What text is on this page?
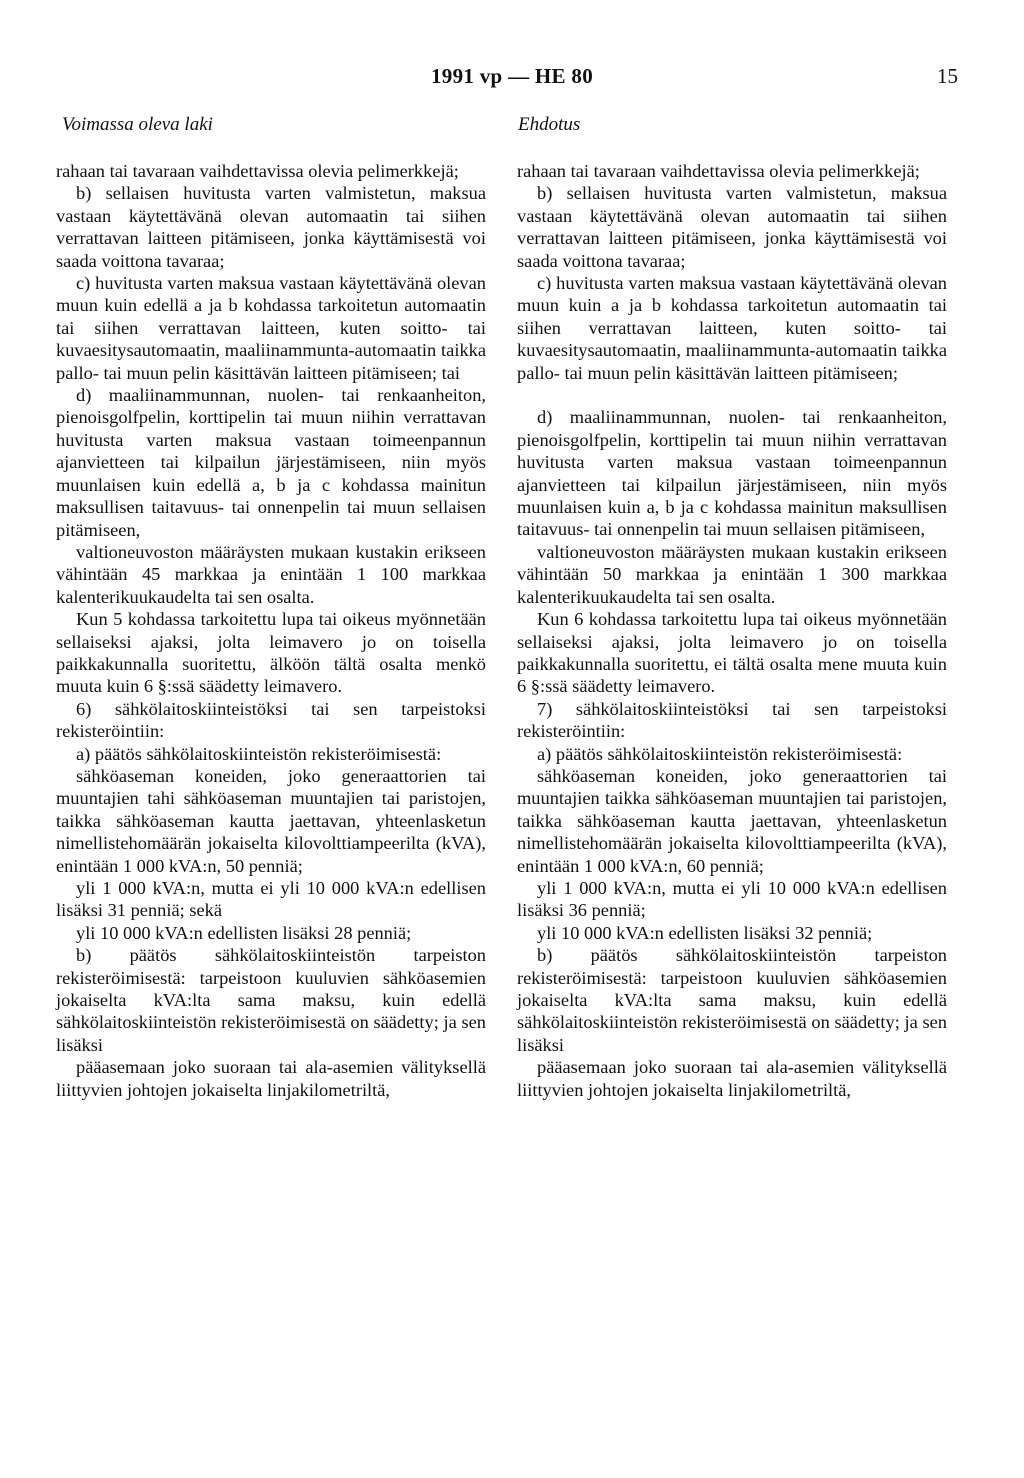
1991 vp — HE 80	15
Voimassa oleva laki	Ehdotus

rahaan tai tavaraan vaihdettavissa olevia pelimerkkejä;

b) sellaisen huvitusta varten valmistetun, maksua vastaan käytettävänä olevan automaatin tai siihen verrattavan laitteen pitämiseen, jonka käyttämisestä voi saada voittona tavaraa;

c) huvitusta varten maksua vastaan käytettävänä olevan muun kuin edellä a ja b kohdassa tarkoitetun automaatin tai siihen verrattavan laitteen, kuten soitto- tai kuvaesitysautomaatin, maaliinammunta-automaatin taikka pallo- tai muun pelin käsittävän laitteen pitämiseen; tai

d) maaliinammunnan, nuolen- tai renkaanheiton, pienoisgolfpelin, korttipelin tai muun niihin verrattavan huvitusta varten maksua vastaan toimeenpannun ajanvietteen tai kilpailun järjestämiseen, niin myös muunlaisen kuin edellä a, b ja c kohdassa mainitun maksullisen taitavuus- tai onnenpelin tai muun sellaisen pitämiseen,

valtioneuvoston määräysten mukaan kustakin erikseen vähintään 45 markkaa ja enintään 1 100 markkaa kalenterikuukaudelta tai sen osalta.

Kun 5 kohdassa tarkoitettu lupa tai oikeus myönnetään sellaiseksi ajaksi, jolta leimavero jo on toisella paikkakunnalla suoritettu, älköön tältä osalta menkö muuta kuin 6 §:ssä säädetty leimavero.

6) sähkölaitoskiinteistöksi tai sen tarpeistoksi rekisteröintiin:

a) päätös sähkölaitoskiinteistön rekisteröimisestä:

sähköaseman koneiden, joko generaattorien tai muuntajien tahi sähköaseman muuntajien tai paristojen, taikka sähköaseman kautta jaettavan, yhteenlasketun nimellistehomäärän jokaiselta kilovolttiampeerilta (kVA), enintään 1 000 kVA:n, 50 penniä;

yli 1 000 kVA:n, mutta ei yli 10 000 kVA:n edellisen lisäksi 31 penniä; sekä

yli 10 000 kVA:n edellisten lisäksi 28 penniä;

b) päätös sähkölaitoskiinteistön tarpeiston rekisteröimisestä: tarpeistoon kuuluvien sähköasemien jokaiselta kVA:lta sama maksu, kuin edellä sähkölaitoskiinteistön rekisteröimisestä on säädetty; ja sen lisäksi

pääasemaan joko suoraan tai ala-asemien välityksellä liittyvien johtojen jokaiselta linjakilometriltä,

rahaan tai tavaraan vaihdettavissa olevia pelimerkkejä;

b) sellaisen huvitusta varten valmistetun, maksua vastaan käytettävänä olevan automaatin tai siihen verrattavan laitteen pitämiseen, jonka käyttämisestä voi saada voittona tavaraa;

c) huvitusta varten maksua vastaan käytettävänä olevan muun kuin a ja b kohdassa tarkoitetun automaatin tai siihen verrattavan laitteen, kuten soitto- tai kuvaesitysautomaatin, maaliinammunta-automaatin taikka pallo- tai muun pelin käsittävän laitteen pitämiseen;

d) maaliinammunnan, nuolen- tai renkaanheiton, pienoisgolfpelin, korttipelin tai muun niihin verrattavan huvitusta varten maksua vastaan toimeenpannun ajanvietteen tai kilpailun järjestämiseen, niin myös muunlaisen kuin a, b ja c kohdassa mainitun maksullisen taitavuus- tai onnenpelin tai muun sellaisen pitämiseen,

valtioneuvoston määräysten mukaan kustakin erikseen vähintään 50 markkaa ja enintään 1 300 markkaa kalenterikuukaudelta tai sen osalta.

Kun 6 kohdassa tarkoitettu lupa tai oikeus myönnetään sellaiseksi ajaksi, jolta leimavero jo on toisella paikkakunnalla suoritettu, ei tältä osalta mene muuta kuin 6 §:ssä säädetty leimavero.

7) sähkölaitoskiinteistöksi tai sen tarpeistoksi rekisteröintiin:

a) päätös sähkölaitoskiinteistön rekisteröimisestä:

sähköaseman koneiden, joko generaattorien tai muuntajien taikka sähköaseman muuntajien tai paristojen, taikka sähköaseman kautta jaettavan, yhteenlasketun nimellistehomäärän jokaiselta kilovolttiampeerilta (kVA), enintään 1 000 kVA:n, 60 penniä;

yli 1 000 kVA:n, mutta ei yli 10 000 kVA:n edellisen lisäksi 36 penniä;

yli 10 000 kVA:n edellisten lisäksi 32 penniä;

b) päätös sähkölaitoskiinteistön tarpeiston rekisteröimisestä: tarpeistoon kuuluvien sähköasemien jokaiselta kVA:lta sama maksu, kuin edellä sähkölaitoskiinteistön rekisteröimisestä on säädetty; ja sen lisäksi

pääasemaan joko suoraan tai ala-asemien välityksellä liittyvien johtojen jokaiselta linjakilometriltä,
